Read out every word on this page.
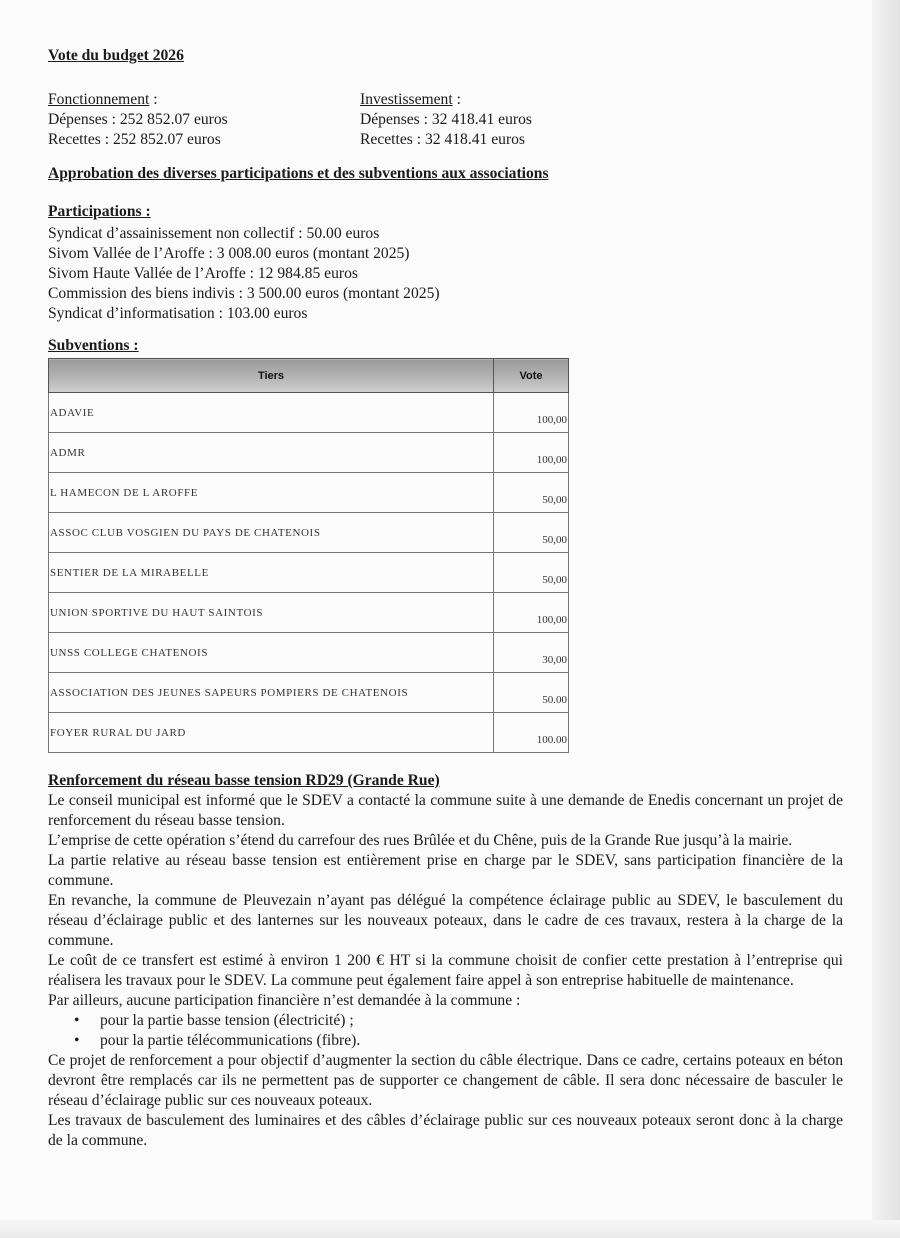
Vote du budget 2026

Fonctionnement :

Dépenses : 252 852.07 euros

Recettes : 252 852.07 euros

Investissement :

Dépenses : 32 418.41 euros

Recettes : 32 418.41 euros

Approbation des diverses participations et des subventions aux associations
Participations :

Syndicat d’assainissement non collectif : 50.00 euros

Sivom Vallée de l’Aroffe : 3 008.00 euros (montant 2025)

Sivom Haute Vallée de l’Aroffe : 12 984.85 euros

Commission des biens indivis : 3 500.00 euros (montant 2025)

Syndicat d’informatisation : 103.00 euros

Subventions :
Tiers	Vote
ADAVIE	100,00
ADMR	100,00
L HAMECON DE L AROFFE	50,00
ASSOC CLUB VOSGIEN DU PAYS DE CHATENOIS	50,00
SENTIER DE LA MIRABELLE	50,00
UNION SPORTIVE DU HAUT SAINTOIS	100,00
UNSS COLLEGE CHATENOIS	30,00
ASSOCIATION DES JEUNES SAPEURS POMPIERS DE CHATENOIS	50.00
FOYER RURAL DU JARD	100.00
Renforcement du réseau basse tension RD29 (Grande Rue)

Le conseil municipal est informé que le SDEV a contacté la commune suite à une demande de Enedis concernant un projet de renforcement du réseau basse tension.

L’emprise de cette opération s’étend du carrefour des rues Brûlée et du Chêne, puis de la Grande Rue jusqu’à la mairie.

La partie relative au réseau basse tension est entièrement prise en charge par le SDEV, sans participation financière de la commune.

En revanche, la commune de Pleuvezain n’ayant pas délégué la compétence éclairage public au SDEV, le basculement du réseau d’éclairage public et des lanternes sur les nouveaux poteaux, dans le cadre de ces travaux, restera à la charge de la commune.

Le coût de ce transfert est estimé à environ 1 200 € HT si la commune choisit de confier cette prestation à l’entreprise qui réalisera les travaux pour le SDEV. La commune peut également faire appel à son entreprise habituelle de maintenance.

Par ailleurs, aucune participation financière n’est demandée à la commune :

• pour la partie basse tension (électricité) ;
• pour la partie télécommunications (fibre).

Ce projet de renforcement a pour objectif d’augmenter la section du câble électrique. Dans ce cadre, certains poteaux en béton devront être remplacés car ils ne permettent pas de supporter ce changement de câble. Il sera donc nécessaire de basculer le réseau d’éclairage public sur ces nouveaux poteaux.

Les travaux de basculement des luminaires et des câbles d’éclairage public sur ces nouveaux poteaux seront donc à la charge de la commune.
